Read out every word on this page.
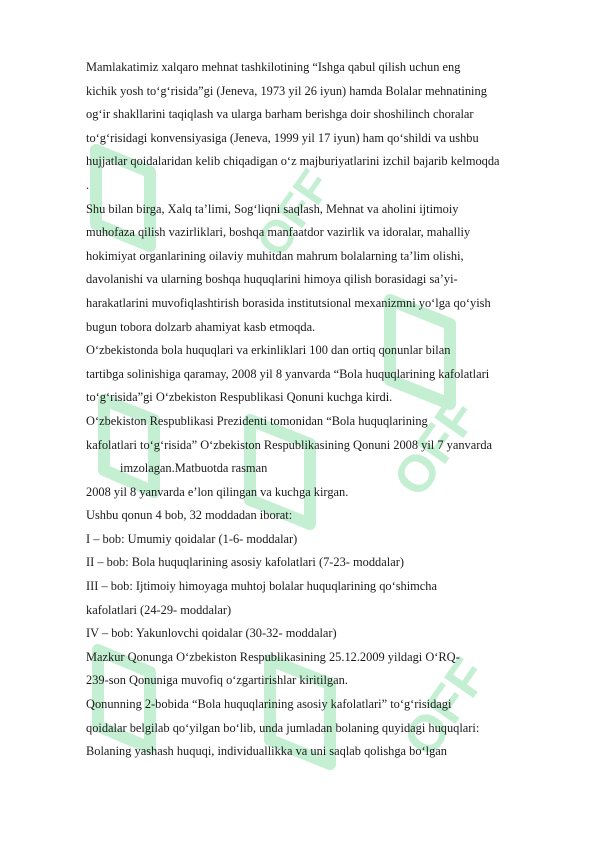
OFF
OFF
OFF
Mamlakatimiz xalqaro mehnat tashkilotining “Ishga qabul qilish uchun eng
kichik yosh to‘g‘risida”gi (Jeneva, 1973 yil 26 iyun) hamda Bolalar mehnatining
og‘ir shakllarini taqiqlash va ularga barham berishga doir shoshilinch choralar
to‘g‘risidagi konvensiyasiga (Jeneva, 1999 yil 17 iyun) ham qo‘shildi va ushbu
hujjatlar qoidalaridan kelib chiqadigan o‘z majburiyatlarini izchil bajarib kelmoqda
.
Shu bilan birga, Xalq ta’limi, Sog‘liqni saqlash, Mehnat va aholini ijtimoiy
muhofaza qilish vazirliklari, boshqa manfaatdor vazirlik va idoralar, mahalliy
hokimiyat organlarining oilaviy muhitdan mahrum bolalarning ta’lim olishi,
davolanishi va ularning boshqa huquqlarini himoya qilish borasidagi sa’yi-
harakatlarini muvofiqlashtirish borasida institutsional mexanizmni yo‘lga qo‘yish
bugun tobora dolzarb ahamiyat kasb etmoqda.
O‘zbekistonda bola huquqlari va erkinliklari 100 dan ortiq qonunlar bilan
tartibga solinishiga qaramay, 2008 yil 8 yanvarda “Bola huquqlarining kafolatlari
to‘g‘risida”gi O‘zbekiston Respublikasi Qonuni kuchga kirdi.
O‘zbekiston Respublikasi Prezidenti tomonidan “Bola huquqlarining
kafolatlari to‘g‘risida” O‘zbekiston Respublikasining Qonuni 2008 yil 7 yanvarda
imzolagan.Matbuotda rasman
2008 yil 8 yanvarda e’lon qilingan va kuchga kirgan.
Ushbu qonun 4 bob, 32 moddadan iborat:
I – bob: Umumiy qoidalar (1-6- moddalar)
II – bob: Bola huquqlarining asosiy kafolatlari (7-23- moddalar)
III – bob: Ijtimoiy himoyaga muhtoj bolalar huquqlarining qo‘shimcha
kafolatlari (24-29- moddalar)
IV – bob: Yakunlovchi qoidalar (30-32- moddalar)
Mazkur Qonunga O‘zbekiston Respublikasining 25.12.2009 yildagi O‘RQ-
239-son Qonuniga muvofiq o‘zgartirishlar kiritilgan.
Qonunning 2-bobida “Bola huquqlarining asosiy kafolatlari” to‘g‘risidagi
qoidalar belgilab qo‘yilgan bo‘lib, unda jumladan bolaning quyidagi huquqlari:
Bolaning yashash huquqi, individuallikka va uni saqlab qolishga bo‘lgan
